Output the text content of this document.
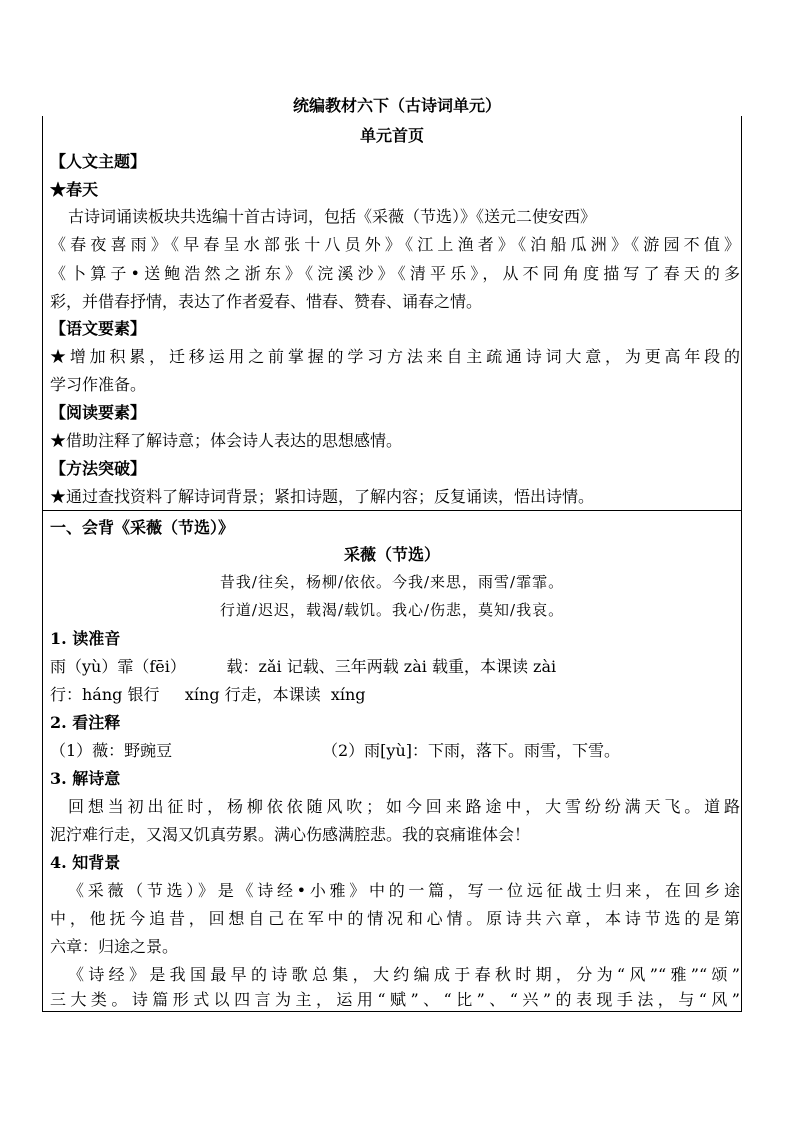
统编教材六下（古诗词单元）
单元首页
【人文主题】
★春天
古诗词诵读板块共选编十首古诗词，包括《采薇（节选）》《送元二使安西》
《春夜喜雨》《早春呈水部张十八员外》《江上渔者》《泊船瓜洲》《游园不值》
《卜算子•送鲍浩然之浙东》《浣溪沙》《清平乐》，从不同角度描写了春天的多
彩，并借春抒情，表达了作者爱春、惜春、赞春、诵春之情。
【语文要素】
★增加积累，迁移运用之前掌握的学习方法来自主疏通诗词大意，为更高年段的
学习作准备。
【阅读要素】
★借助注释了解诗意；体会诗人表达的思想感情。
【方法突破】
★通过查找资料了解诗词背景；紧扣诗题，了解内容；反复诵读，悟出诗情。
一、会背《采薇（节选）》
采薇（节选）
昔我/往矣，杨柳/依依。今我/来思，雨雪/霏霏。
行道/迟迟，载渴/载饥。我心/伤悲，莫知/我哀。
1. 读准音
雨（yù）霏（fēi）        载：zǎi 记载、三年两载 zài 载重，本课读 zài
行：háng 银行     xíng 行走，本课读  xíng
2. 看注释
（1）薇：野豌豆	（2）雨[yù]：下雨，落下。雨雪，下雪。
3. 解诗意
回想当初出征时，杨柳依依随风吹；如今回来路途中，大雪纷纷满天飞。道路
泥泞难行走，又渴又饥真劳累。满心伤感满腔悲。我的哀痛谁体会！
4. 知背景
《采薇（节选）》是《诗经•小雅》中的一篇，写一位远征战士归来，在回乡途
中，他抚今追昔，回想自己在军中的情况和心情。原诗共六章，本诗节选的是第
六章：归途之景。
《诗经》是我国最早的诗歌总集，大约编成于春秋时期，分为“风”“雅”“颂”
三大类。诗篇形式以四言为主，运用“赋”、“比”、“兴”的表现手法，与“风”
